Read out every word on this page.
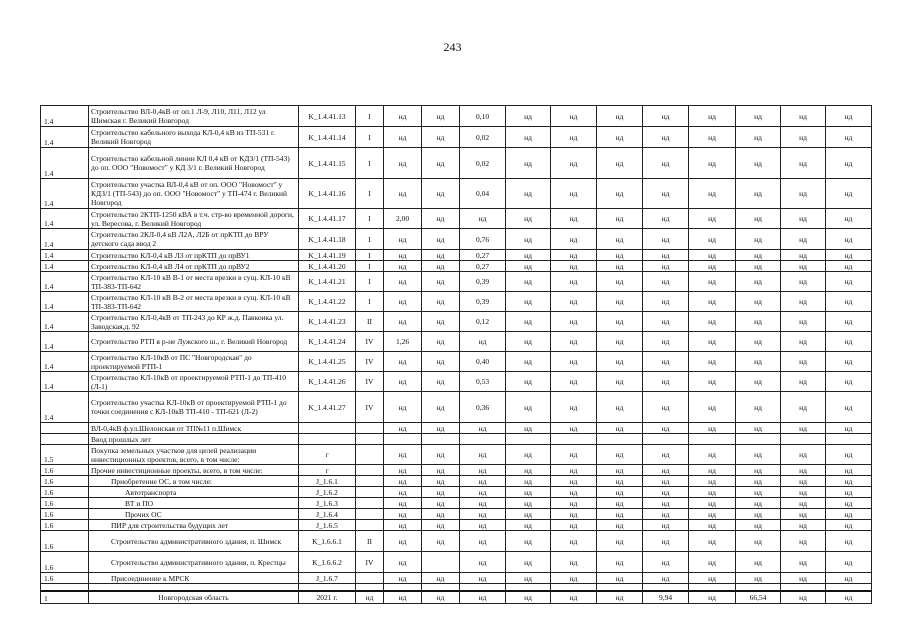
243
1.4	Строительство ВЛ-0,4кВ от оп.1 Л-9, Л10, Л11, Л12 ул Шимская г. Великий Новгород	K_1.4.41.13	I	нд	нд	0,10	нд	нд	нд	нд	нд	нд	нд	нд
1.4	Строительство кабельного выхода КЛ-0,4 кВ из ТП-531 г. Великий Новгород	K_1.4.41.14	I	нд	нд	0,02	нд	нд	нд	нд	нд	нд	нд	нд
1.4	Строительство кабельной линии КЛ 0,4 кВ от КДЗ/1 (ТП-543) до оп. ООО "Новомост" у КД 3/1 г. Великий Новгород	K_1.4.41.15	I	нд	нд	0,02	нд	нд	нд	нд	нд	нд	нд	нд
1.4	Строительство участка ВЛ-0,4 кВ от оп. ООО "Новомост" у КДЗ/1 (ТП-543) до оп. ООО "Новомост" у ТП-474 г. Великий Новгород	K_1.4.41.16	I	нд	нд	0,04	нд	нд	нд	нд	нд	нд	нд	нд
1.4	Строительство 2КТП-1250 кВА в т.ч. стр-во временной дороги, ул. Вересова, г. Великий Новгород	K_1.4.41.17	I	2,00	нд	нд	нд	нд	нд	нд	нд	нд	нд	нд
1.4	Строительство 2КЛ-0,4 кВ Л2А, Л2Б от прКТП до ВРУ детского сада ввод 2	K_1.4.41.18	I	нд	нд	0,76	нд	нд	нд	нд	нд	нд	нд	нд
1.4	Строительство КЛ-0,4 кВ Л3 от прКТП до прВУ1	K_1.4.41.19	I	нд	нд	0,27	нд	нд	нд	нд	нд	нд	нд	нд
1.4	Строительство КЛ-0,4 кВ Л4 от прКТП до прВУ2	K_1.4.41.20	I	нд	нд	0,27	нд	нд	нд	нд	нд	нд	нд	нд
1.4	Строительство КЛ-10 кВ В-1 от места врезки в сущ. КЛ-10 кВ ТП-383-ТП-642	K_1.4.41.21	I	нд	нд	0,39	нд	нд	нд	нд	нд	нд	нд	нд
1.4	Строительство КЛ-10 кВ В-2 от места врезки в сущ. КЛ-10 кВ ТП-383-ТП-642	K_1.4.41.22	I	нд	нд	0,39	нд	нд	нд	нд	нд	нд	нд	нд
1.4	Строительство КЛ-0,4кВ от ТП-243 до КР ж.д. Павкоика ул. Заводская,д. 92	K_1.4.41.23	II	нд	нд	0,12	нд	нд	нд	нд	нд	нд	нд	нд
1.4	Строительство РТП в р-не Лужского ш., г. Великий Новгород	K_1.4.41.24	IV	1,26	нд	нд	нд	нд	нд	нд	нд	нд	нд	нд
1.4	Строительство КЛ-10кВ от ПС "Новгородская" до проектируемой РТП-1	K_1.4.41.25	IV	нд	нд	0,40	нд	нд	нд	нд	нд	нд	нд	нд
1.4	Строительство КЛ-10кВ от проектируемой РТП-1 до ТП-410 (Л-1)	K_1.4.41.26	IV	нд	нд	0,53	нд	нд	нд	нд	нд	нд	нд	нд
1.4	Строительство участка КЛ-10кВ от проектируемой РТП-1 до точки соединения с КЛ-10кВ ТП-410 - ТП-621 (Л-2)	K_1.4.41.27	IV	нд	нд	0,36	нд	нд	нд	нд	нд	нд	нд	нд
	ВЛ-0,4кВ ф.ул.Шелонская от ТП№11 п.Шимск			нд	нд	нд	нд	нд	нд	нд	нд	нд	нд	нд
	Ввод прошлых лет													
1.5	Покупка земельных участков для целей реализации инвестиционных проектов, всего, в том числе:	г		нд	нд	нд	нд	нд	нд	нд	нд	нд	нд	нд
1.6	Прочие инвестиционные проекты, всего, в том числе:	г		нд	нд	нд	нд	нд	нд	нд	нд	нд	нд	нд
1.6	Приобретение ОС, в том числе:	J_1.6.1		нд	нд	нд	нд	нд	нд	нд	нд	нд	нд	нд
1.6	Автотранспорта	J_1.6.2		нд	нд	нд	нд	нд	нд	нд	нд	нд	нд	нд
1.6	ВТ и ПО	J_1.6.3		нд	нд	нд	нд	нд	нд	нд	нд	нд	нд	нд
1.6	Прочих ОС	J_1.6.4		нд	нд	нд	нд	нд	нд	нд	нд	нд	нд	нд
1.6	ПИР для строительства будущих лет	J_1.6.5		нд	нд	нд	нд	нд	нд	нд	нд	нд	нд	нд
1.6	Строительство административного здания, п. Шимск	K_1.6.6.1	II	нд	нд	нд	нд	нд	нд	нд	нд	нд	нд	нд
1.6	Строительство административного здания, п. Крестцы	K_1.6.6.2	IV	нд		нд	нд	нд	нд	нд	нд	нд	нд	нд
1.6	Присоединение к МРСК	J_1.6.7		нд	нд	нд	нд	нд	нд	нд	нд	нд	нд	нд

1	Новгородская область	2021 г.	нд	нд	нд	нд	нд	нд	нд	9,94	нд	66,54	нд	нд
